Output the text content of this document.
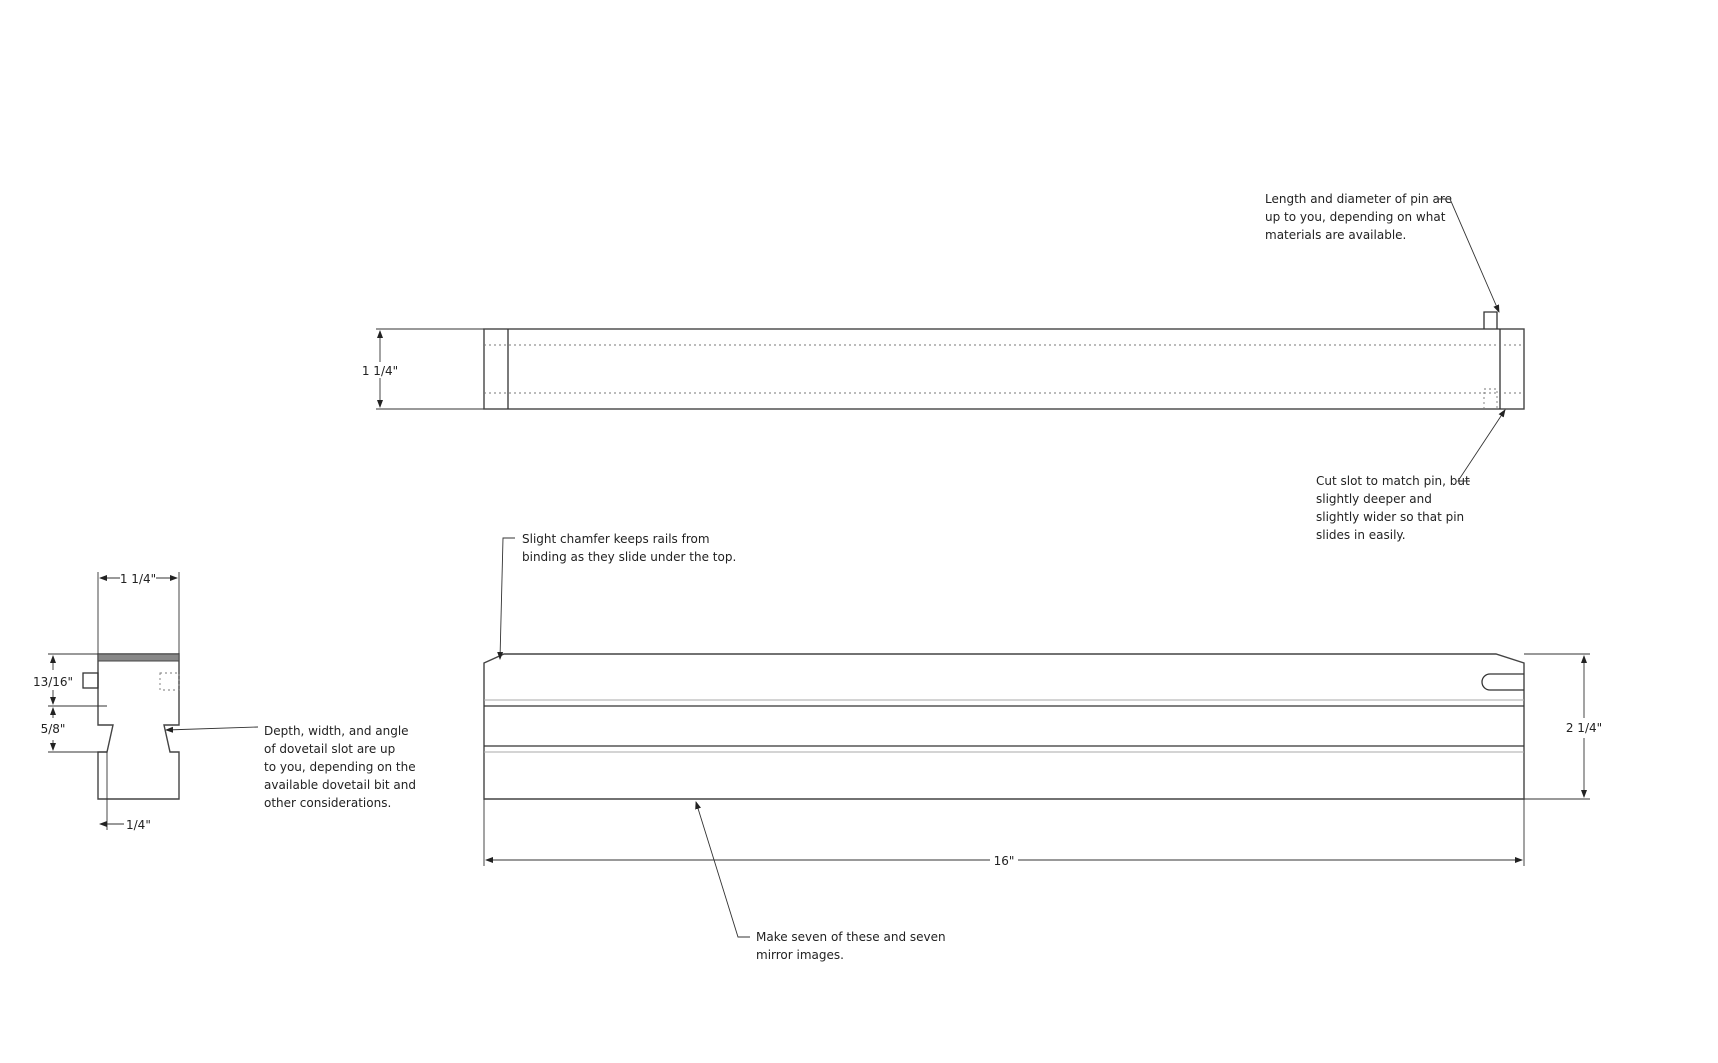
1 1/4"
2 1/4"
16"
1 1/4"
13/16"
5/8"
1/4"
Length and diameter of pin are up to you, depending on what materials are available.
Cut slot to match pin, but slightly deeper and slightly wider so that pin slides in easily.
Slight chamfer keeps rails from binding as they slide under the top.
Depth, width, and angle of dovetail slot are up to you, depending on the available dovetail bit and other considerations.
Make seven of these and seven mirror images.
